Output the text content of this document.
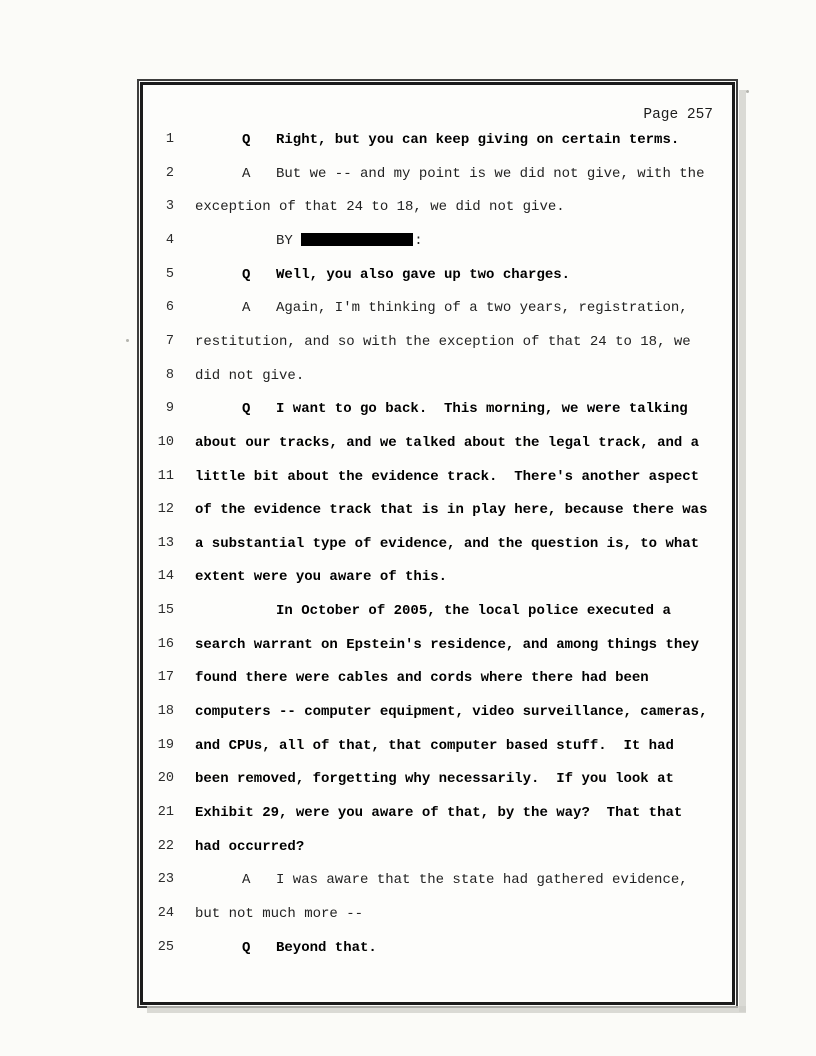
Page 257
1	Q Right, but you can keep giving on certain terms.
2	A But we -- and my point is we did not give, with the
3 exception of that 24 to 18, we did not give.
4	BY	:
5	Q Well, you also gave up two charges.
6	A Again, I'm thinking of a two years, registration,
7 restitution, and so with the exception of that 24 to 18, we
8 did not give.
9	Q I want to go back.  This morning, we were talking
10 about our tracks, and we talked about the legal track, and a
11 little bit about the evidence track.  There's another aspect
12 of the evidence track that is in play here, because there was
13 a substantial type of evidence, and the question is, to what
14 extent were you aware of this.
15	In October of 2005, the local police executed a
16 search warrant on Epstein's residence, and among things they
17 found there were cables and cords where there had been
18 computers -- computer equipment, video surveillance, cameras,
19 and CPUs, all of that, that computer based stuff.  It had
20 been removed, forgetting why necessarily.  If you look at
21 Exhibit 29, were you aware of that, by the way?  That that
22 had occurred?
23	A I was aware that the state had gathered evidence,
24 but not much more --
25	Q Beyond that.
